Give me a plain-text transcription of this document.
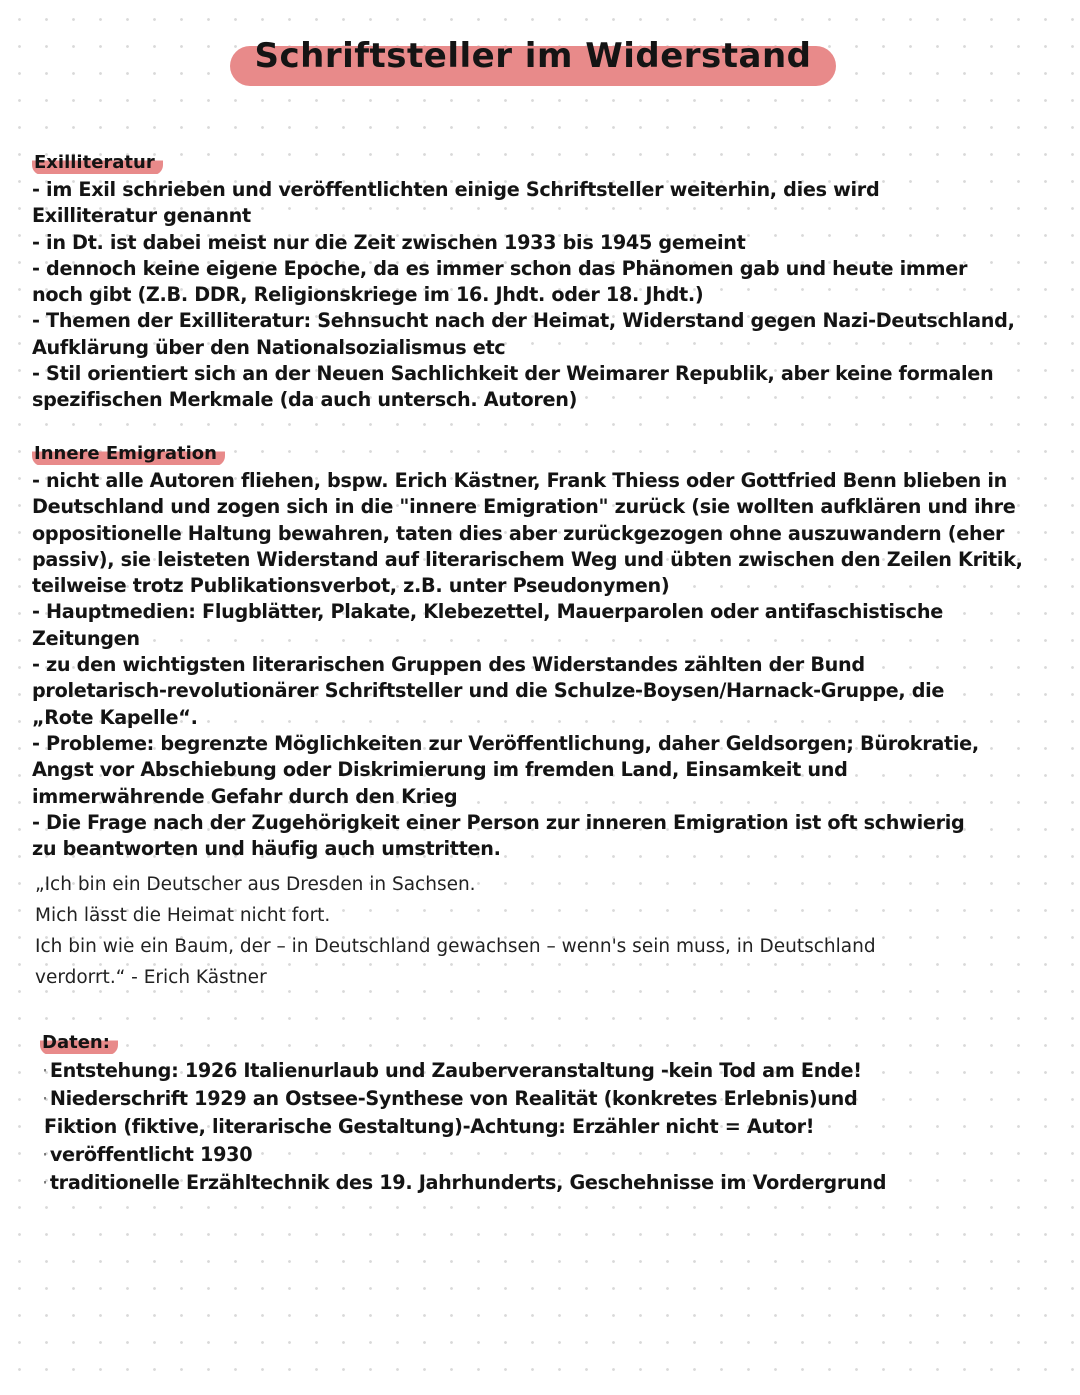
Schriftsteller im Widerstand
Exilliteratur

- im Exil schrieben und veröffentlichten einige Schriftsteller weiterhin, dies wird

Exilliteratur genannt

- in Dt. ist dabei meist nur die Zeit zwischen 1933 bis 1945 gemeint

- dennoch keine eigene Epoche, da es immer schon das Phänomen gab und heute immer

noch gibt (Z.B. DDR, Religionskriege im 16. Jhdt. oder 18. Jhdt.)

- Themen der Exilliteratur: Sehnsucht nach der Heimat, Widerstand gegen Nazi-Deutschland,

Aufklärung über den Nationalsozialismus etc

- Stil orientiert sich an der Neuen Sachlichkeit der Weimarer Republik, aber keine formalen

spezifischen Merkmale (da auch untersch. Autoren)

Innere Emigration

- nicht alle Autoren fliehen, bspw. Erich Kästner, Frank Thiess oder Gottfried Benn blieben in

Deutschland und zogen sich in die "innere Emigration" zurück (sie wollten aufklären und ihre

oppositionelle Haltung bewahren, taten dies aber zurückgezogen ohne auszuwandern (eher

passiv), sie leisteten Widerstand auf literarischem Weg und übten zwischen den Zeilen Kritik,

teilweise trotz Publikationsverbot, z.B. unter Pseudonymen)

- Hauptmedien: Flugblätter, Plakate, Klebezettel, Mauerparolen oder antifaschistische

Zeitungen

- zu den wichtigsten literarischen Gruppen des Widerstandes zählten der Bund

proletarisch-revolutionärer Schriftsteller und die Schulze-Boysen/Harnack-Gruppe, die

„Rote Kapelle“.

- Probleme: begrenzte Möglichkeiten zur Veröffentlichung, daher Geldsorgen; Bürokratie,

Angst vor Abschiebung oder Diskrimierung im fremden Land, Einsamkeit und

immerwährende Gefahr durch den Krieg

- Die Frage nach der Zugehörigkeit einer Person zur inneren Emigration ist oft schwierig

zu beantworten und häufig auch umstritten.

„Ich bin ein Deutscher aus Dresden in Sachsen.

Mich lässt die Heimat nicht fort.

Ich bin wie ein Baum, der – in Deutschland gewachsen – wenn's sein muss, in Deutschland

verdorrt.“ - Erich Kästner

Daten:

· Entstehung: 1926 Italienurlaub und Zauberveranstaltung -kein Tod am Ende!

· Niederschrift 1929 an Ostsee-Synthese von Realität (konkretes Erlebnis)und

Fiktion (fiktive, literarische Gestaltung)-Achtung: Erzähler nicht = Autor!

· veröffentlicht 1930

· traditionelle Erzähltechnik des 19. Jahrhunderts, Geschehnisse im Vordergrund
